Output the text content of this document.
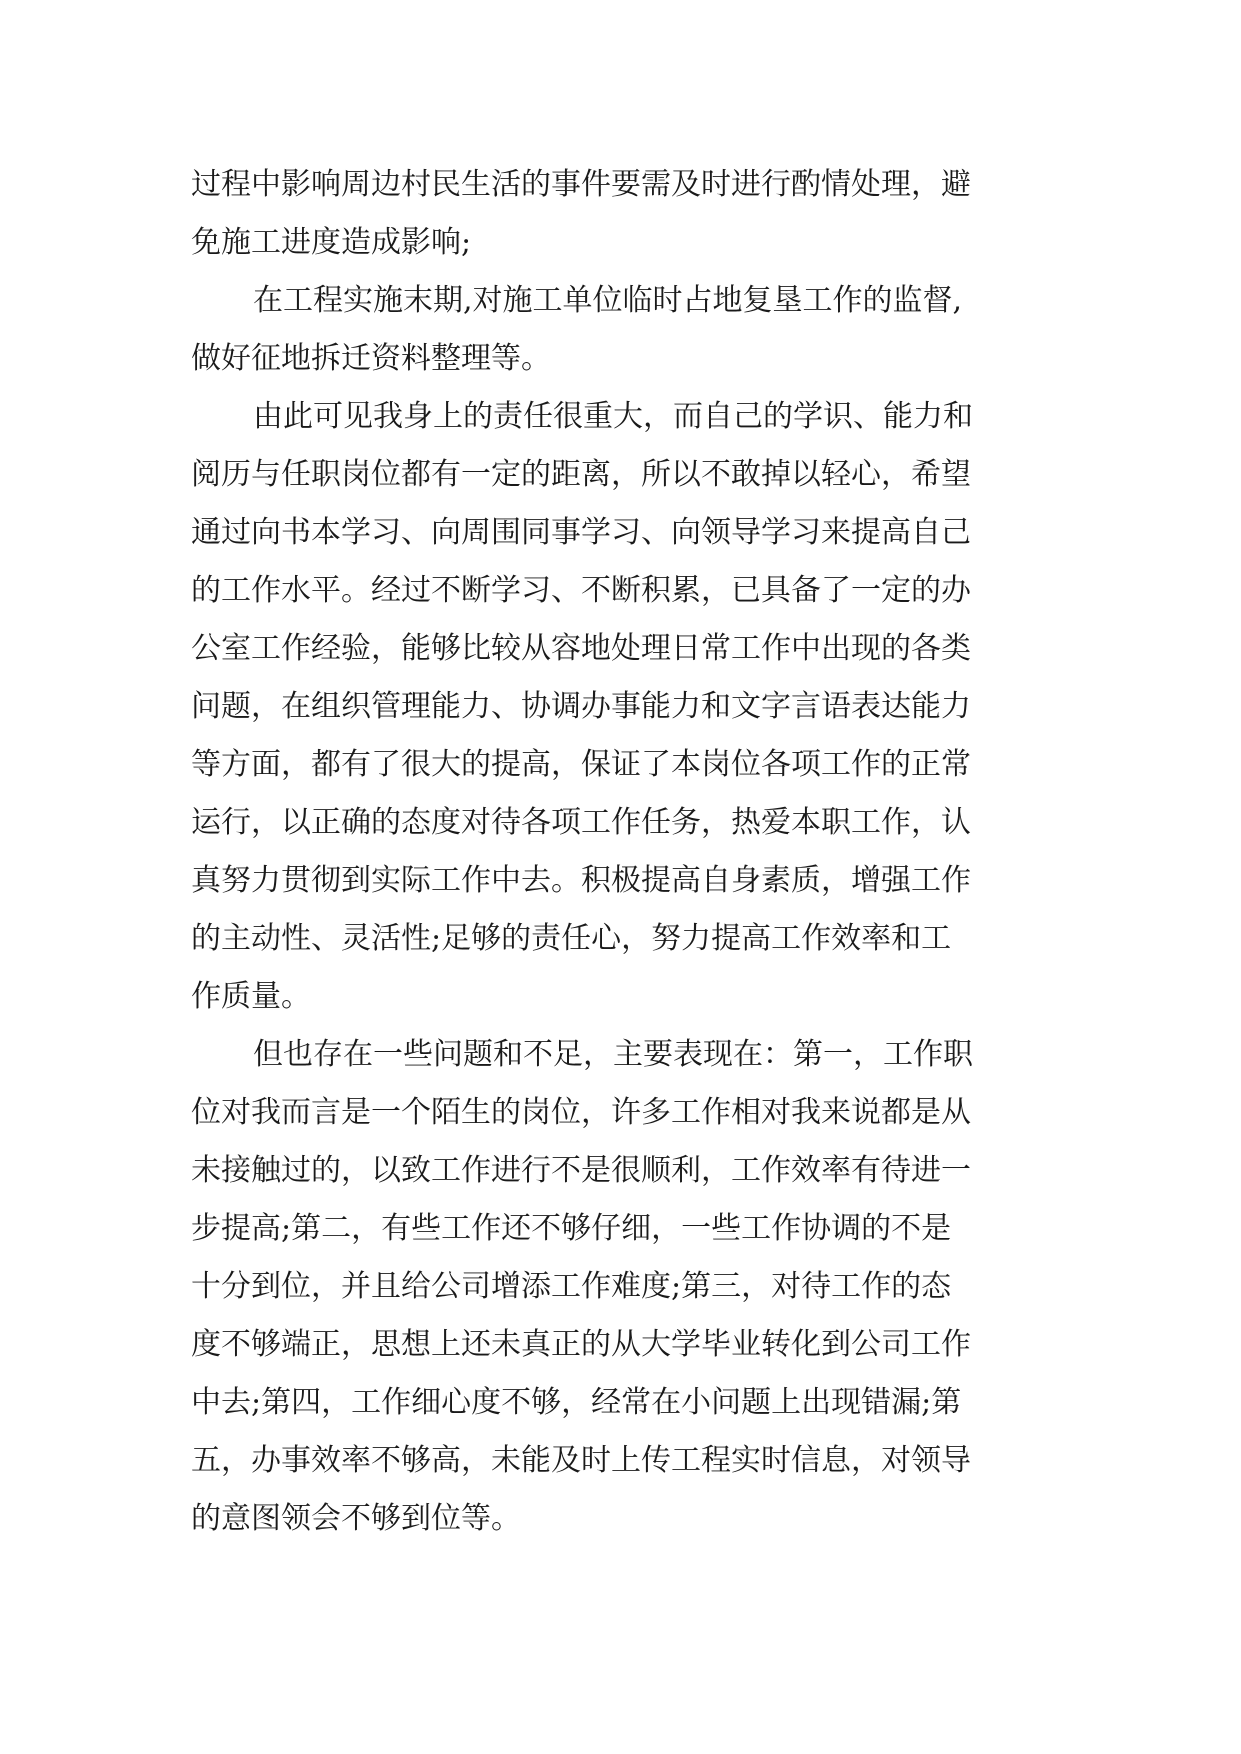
过程中影响周边村民生活的事件要需及时进行酌情处理，避
免施工进度造成影响;
在工程实施末期,对施工单位临时占地复垦工作的监督,
做好征地拆迁资料整理等。
由此可见我身上的责任很重大，而自己的学识、能力和
阅历与任职岗位都有一定的距离，所以不敢掉以轻心，希望
通过向书本学习、向周围同事学习、向领导学习来提高自己
的工作水平。经过不断学习、不断积累，已具备了一定的办
公室工作经验，能够比较从容地处理日常工作中出现的各类
问题，在组织管理能力、协调办事能力和文字言语表达能力
等方面，都有了很大的提高，保证了本岗位各项工作的正常
运行，以正确的态度对待各项工作任务，热爱本职工作，认
真努力贯彻到实际工作中去。积极提高自身素质，增强工作
的主动性、灵活性;足够的责任心，努力提高工作效率和工
作质量。
但也存在一些问题和不足，主要表现在：第一，工作职
位对我而言是一个陌生的岗位，许多工作相对我来说都是从
未接触过的，以致工作进行不是很顺利，工作效率有待进一
步提高;第二，有些工作还不够仔细，一些工作协调的不是
十分到位，并且给公司增添工作难度;第三，对待工作的态
度不够端正，思想上还未真正的从大学毕业转化到公司工作
中去;第四，工作细心度不够，经常在小问题上出现错漏;第
五，办事效率不够高，未能及时上传工程实时信息，对领导
的意图领会不够到位等。
